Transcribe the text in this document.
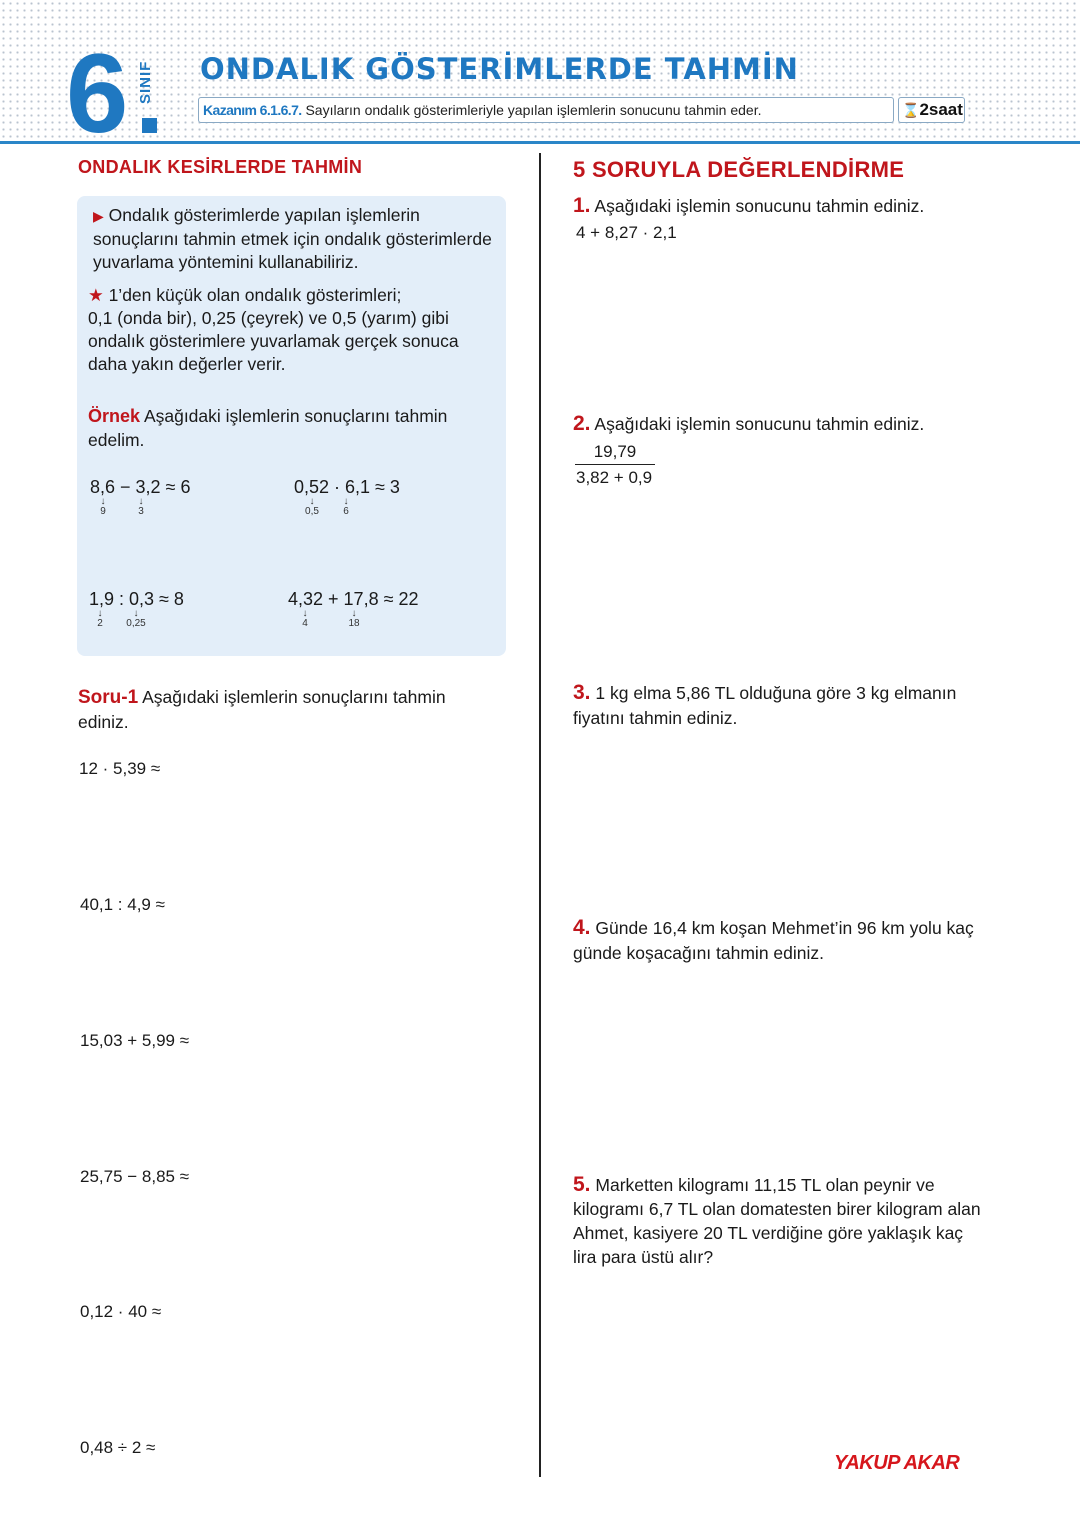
6 SINIF	ONDALIK GÖSTERİMLERDE TAHMİN
Kazanım 6.1.6.7. Sayıların ondalık gösterimleriyle yapılan işlemlerin sonucunu tahmin eder.	⌛2saat
ONDALIK KESİRLERDE TAHMİN
▶ Ondalık gösterimlerde yapılan işlemlerin
sonuçlarını tahmin etmek için ondalık gösterimlerde
yuvarlama yöntemini kullanabiliriz.
★ 1’den küçük olan ondalık gösterimleri;
0,1 (onda bir), 0,25 (çeyrek) ve 0,5 (yarım) gibi
ondalık gösterimlere yuvarlamak gerçek sonuca
daha yakın değerler verir.
Örnek Aşağıdaki işlemlerin sonuçlarını tahmin
edelim.
8,6 − 3,2 ≈ 6
↓
9
↓
3
0,52 · 6,1 ≈ 3
↓
0,5
↓
6
1,9 : 0,3 ≈ 8
↓
2
↓
0,25
4,32 + 17,8 ≈ 22
↓
4
↓
18
Soru-1 Aşağıdaki işlemlerin sonuçlarını tahmin
ediniz.
12 · 5,39 ≈
40,1 : 4,9 ≈
15,03 + 5,99 ≈
25,75 − 8,85 ≈
0,12 · 40 ≈
0,48 ÷ 2 ≈
5 SORUYLA DEĞERLENDİRME
1. Aşağıdaki işlemin sonucunu tahmin ediniz.
4 + 8,27 · 2,1
2. Aşağıdaki işlemin sonucunu tahmin ediniz.
19,79
3,82 + 0,9
3. 1 kg elma 5,86 TL olduğuna göre 3 kg elmanın
fiyatını tahmin ediniz.
4. Günde 16,4 km koşan Mehmet’in 96 km yolu kaç
günde koşacağını tahmin ediniz.
5. Marketten kilogramı 11,15 TL olan peynir ve
kilogramı 6,7 TL olan domatesten birer kilogram alan
Ahmet, kasiyere 20 TL verdiğine göre yaklaşık kaç
lira para üstü alır?
YAKUP AKAR
